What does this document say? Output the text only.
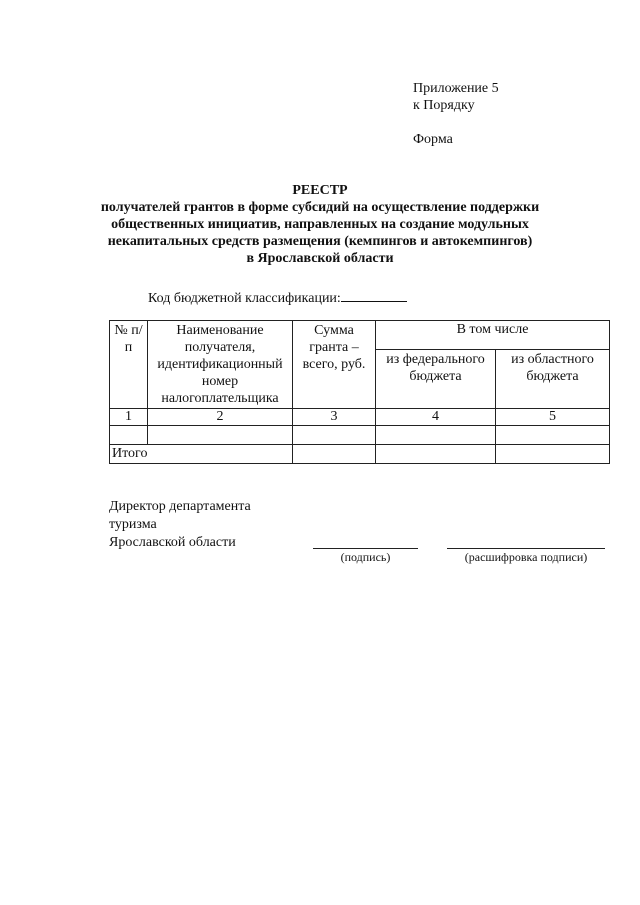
Приложение 5
к Порядку
Форма
РЕЕСТР
получателей грантов в форме субсидий на осуществление поддержки
общественных инициатив, направленных на создание модульных
некапитальных средств размещения (кемпингов и автокемпингов)
в Ярославской области
Код бюджетной классификации:
№ п/п	Наименование получателя, идентификационный номер налогоплательщика	Сумма гранта – всего, руб.	В том числе	
			из федерального бюджета	из областного бюджета
1	2	3	4	5

Итого				
Директор департамента
туризма
Ярославской области
(подпись)	(расшифровка подписи)
